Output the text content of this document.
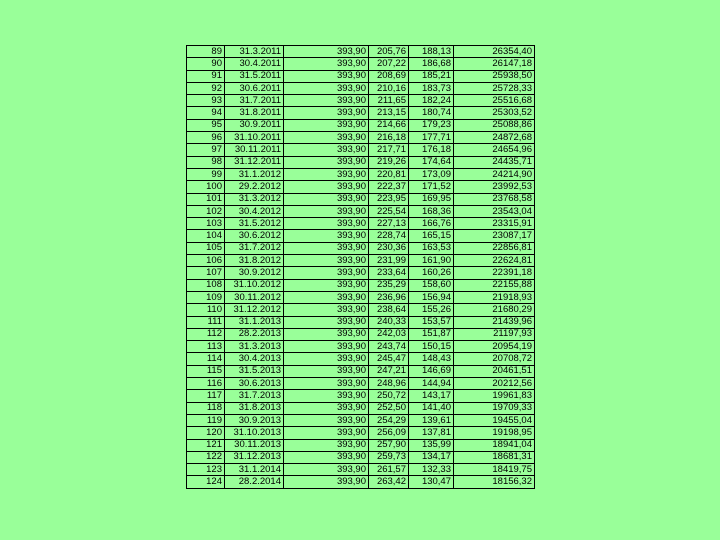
89	31.3.2011	393,90	205,76	188,13	26354,40
90	30.4.2011	393,90	207,22	186,68	26147,18
91	31.5.2011	393,90	208,69	185,21	25938,50
92	30.6.2011	393,90	210,16	183,73	25728,33
93	31.7.2011	393,90	211,65	182,24	25516,68
94	31.8.2011	393,90	213,15	180,74	25303,52
95	30.9.2011	393,90	214,66	179,23	25088,86
96	31.10.2011	393,90	216,18	177,71	24872,68
97	30.11.2011	393,90	217,71	176,18	24654,96
98	31.12.2011	393,90	219,26	174,64	24435,71
99	31.1.2012	393,90	220,81	173,09	24214,90
100	29.2.2012	393,90	222,37	171,52	23992,53
101	31.3.2012	393,90	223,95	169,95	23768,58
102	30.4.2012	393,90	225,54	168,36	23543,04
103	31.5.2012	393,90	227,13	166,76	23315,91
104	30.6.2012	393,90	228,74	165,15	23087,17
105	31.7.2012	393,90	230,36	163,53	22856,81
106	31.8.2012	393,90	231,99	161,90	22624,81
107	30.9.2012	393,90	233,64	160,26	22391,18
108	31.10.2012	393,90	235,29	158,60	22155,88
109	30.11.2012	393,90	236,96	156,94	21918,93
110	31.12.2012	393,90	238,64	155,26	21680,29
111	31.1.2013	393,90	240,33	153,57	21439,96
112	28.2.2013	393,90	242,03	151,87	21197,93
113	31.3.2013	393,90	243,74	150,15	20954,19
114	30.4.2013	393,90	245,47	148,43	20708,72
115	31.5.2013	393,90	247,21	146,69	20461,51
116	30.6.2013	393,90	248,96	144,94	20212,56
117	31.7.2013	393,90	250,72	143,17	19961,83
118	31.8.2013	393,90	252,50	141,40	19709,33
119	30.9.2013	393,90	254,29	139,61	19455,04
120	31.10.2013	393,90	256,09	137,81	19198,95
121	30.11.2013	393,90	257,90	135,99	18941,04
122	31.12.2013	393,90	259,73	134,17	18681,31
123	31.1.2014	393,90	261,57	132,33	18419,75
124	28.2.2014	393,90	263,42	130,47	18156,32
